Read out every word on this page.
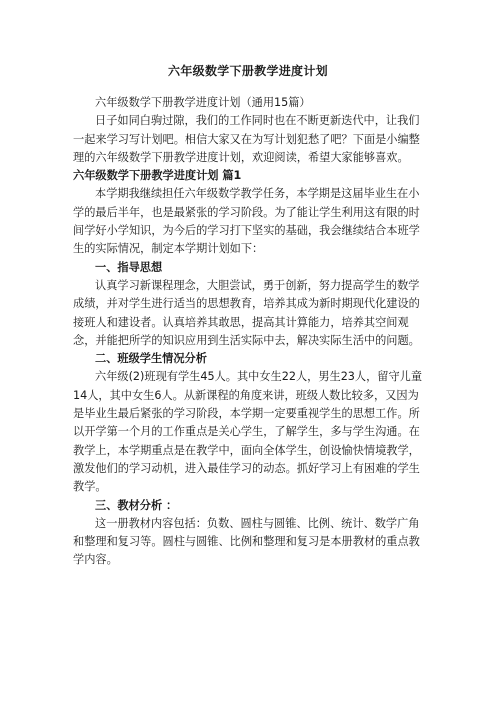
六年级数学下册教学进度计划

六年级数学下册教学进度计划（通用15篇）

日子如同白驹过隙，我们的工作同时也在不断更新迭代中，让我们一起来学习写计划吧。相信大家又在为写计划犯愁了吧？下面是小编整理的六年级数学下册教学进度计划，欢迎阅读，希望大家能够喜欢。

六年级数学下册教学进度计划 篇1

本学期我继续担任六年级数学教学任务，本学期是这届毕业生在小学的最后半年，也是最紧张的学习阶段。为了能让学生利用这有限的时间学好小学知识，为今后的学习打下坚实的基础，我会继续结合本班学生的实际情况，制定本学期计划如下：

一、指导思想

认真学习新课程理念，大胆尝试，勇于创新，努力提高学生的数学成绩，并对学生进行适当的思想教育，培养其成为新时期现代化建设的接班人和建设者。认真培养其敢思，提高其计算能力，培养其空间观念，并能把所学的知识应用到生活实际中去，解决实际生活中的问题。

二、班级学生情况分析

六年级(2)班现有学生45人。其中女生22人，男生23人，留守儿童14人，其中女生6人。从新课程的角度来讲，班级人数比较多，又因为是毕业生最后紧张的学习阶段，本学期一定要重视学生的思想工作。所以开学第一个月的工作重点是关心学生，了解学生，多与学生沟通。在教学上，本学期重点是在教学中，面向全体学生，创设愉快情境教学，激发他们的学习动机，进入最佳学习的动态。抓好学习上有困难的学生教学。

三、教材分析 ：

这一册教材内容包括：负数、圆柱与圆锥、比例、统计、数学广角和整理和复习等。圆柱与圆锥、比例和整理和复习是本册教材的重点教学内容。
